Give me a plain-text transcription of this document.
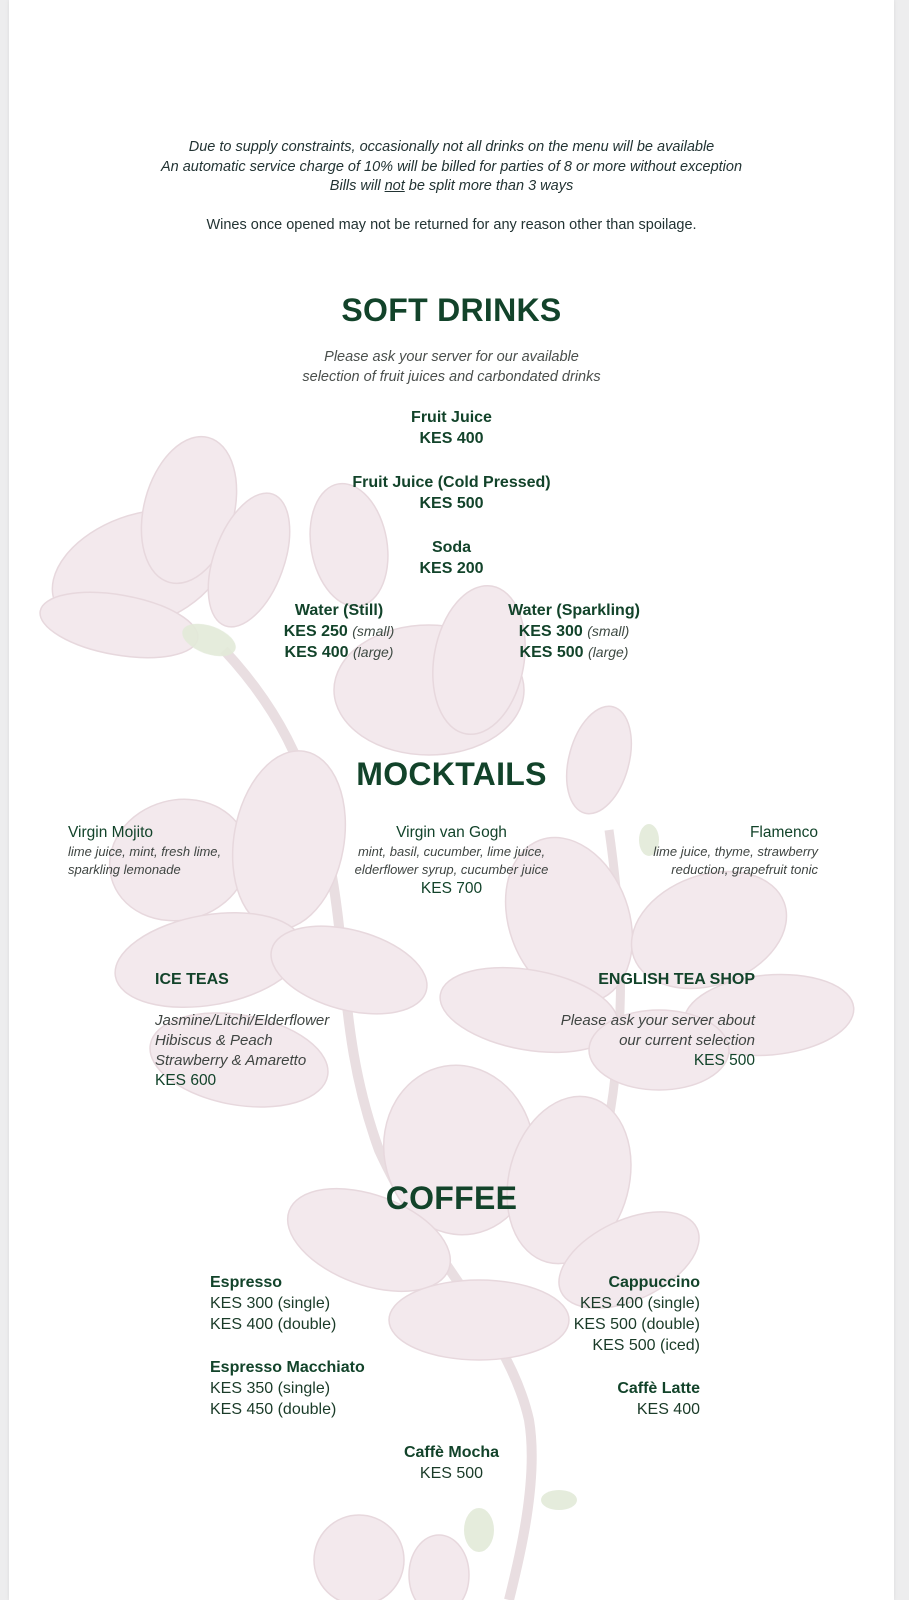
Due to supply constraints, occasionally not all drinks on the menu will be available
An automatic service charge of 10% will be billed for parties of 8 or more without exception
Bills will not be split more than 3 ways
Wines once opened may not be returned for any reason other than spoilage.
SOFT DRINKS
Please ask your server for our available
selection of fruit juices and carbondated drinks
Fruit Juice
KES 400
Fruit Juice (Cold Pressed)
KES 500
Soda
KES 200
Water (Still)
KES 250 (small)
KES 400 (large)
Water (Sparkling)
KES 300 (small)
KES 500 (large)
MOCKTAILS
Virgin Mojito
lime juice, mint, fresh lime,
sparkling lemonade
Virgin van Gogh
mint, basil, cucumber, lime juice,
elderflower syrup, cucumber juice
KES 700
Flamenco
lime juice, thyme, strawberry
reduction, grapefruit tonic
ICE TEAS
Jasmine/Litchi/Elderflower
Hibiscus & Peach
Strawberry & Amaretto
KES 600
ENGLISH TEA SHOP
Please ask your server about
our current selection
KES 500
COFFEE
Espresso
KES 300 (single)
KES 400 (double)
Espresso Macchiato
KES 350 (single)
KES 450 (double)
Cappuccino
KES 400 (single)
KES 500 (double)
KES 500 (iced)
Caffè Latte
KES 400
Caffè Mocha
KES 500
